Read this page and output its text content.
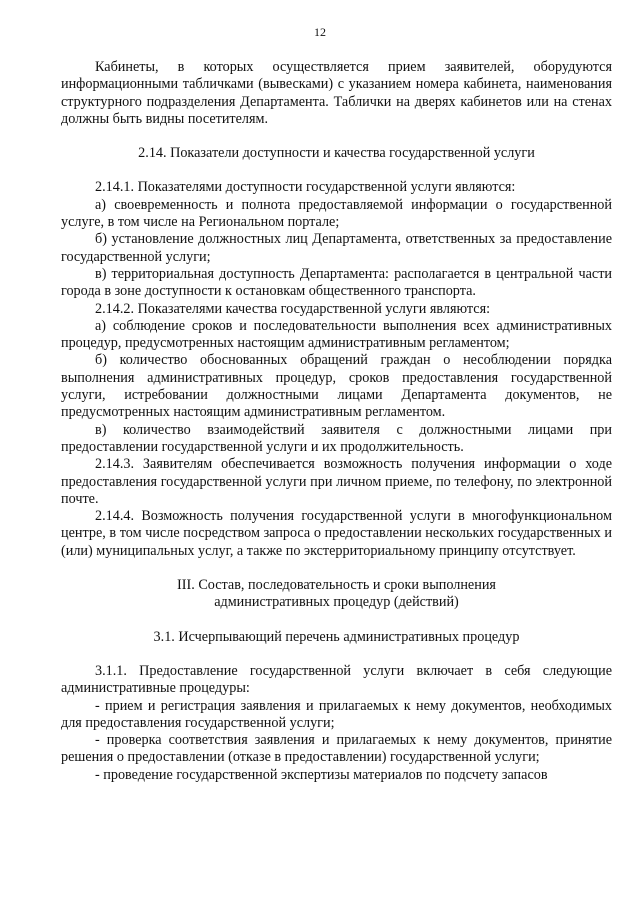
12

Кабинеты, в которых осуществляется прием заявителей, оборудуются информационными табличками (вывесками) с указанием номера кабинета, наименования структурного подразделения Департамента. Таблички на дверях кабинетов или на стенах должны быть видны посетителям.

2.14. Показатели доступности и качества государственной услуги

2.14.1. Показателями доступности государственной услуги являются:

а) своевременность и полнота предоставляемой информации о государственной услуге, в том числе на Региональном портале;

б) установление должностных лиц Департамента, ответственных за предоставление государственной услуги;

в) территориальная доступность Департамента: располагается в центральной части города в зоне доступности к остановкам общественного транспорта.

2.14.2. Показателями качества государственной услуги являются:

а) соблюдение сроков и последовательности выполнения всех административных процедур, предусмотренных настоящим административным регламентом;

б) количество обоснованных обращений граждан о несоблюдении порядка выполнения административных процедур, сроков предоставления государственной услуги, истребовании должностными лицами Департамента документов, не предусмотренных настоящим административным регламентом.

в) количество взаимодействий заявителя с должностными лицами при предоставлении государственной услуги и их продолжительность.

2.14.3. Заявителям обеспечивается возможность получения информации о ходе предоставления государственной услуги при личном приеме, по телефону, по электронной почте.

2.14.4. Возможность получения государственной услуги в многофункциональном центре, в том числе посредством запроса о предоставлении нескольких государственных и (или) муниципальных услуг, а также по экстерриториальному принципу отсутствует.

III. Состав, последовательность и сроки выполнения

административных процедур (действий)

3.1. Исчерпывающий перечень административных процедур

3.1.1. Предоставление государственной услуги включает в себя следующие административные процедуры:

- прием и регистрация заявления и прилагаемых к нему документов, необходимых для предоставления государственной услуги;

- проверка соответствия заявления и прилагаемых к нему документов, принятие решения о предоставлении (отказе в предоставлении) государственной услуги;

- проведение государственной экспертизы материалов по подсчету запасов
